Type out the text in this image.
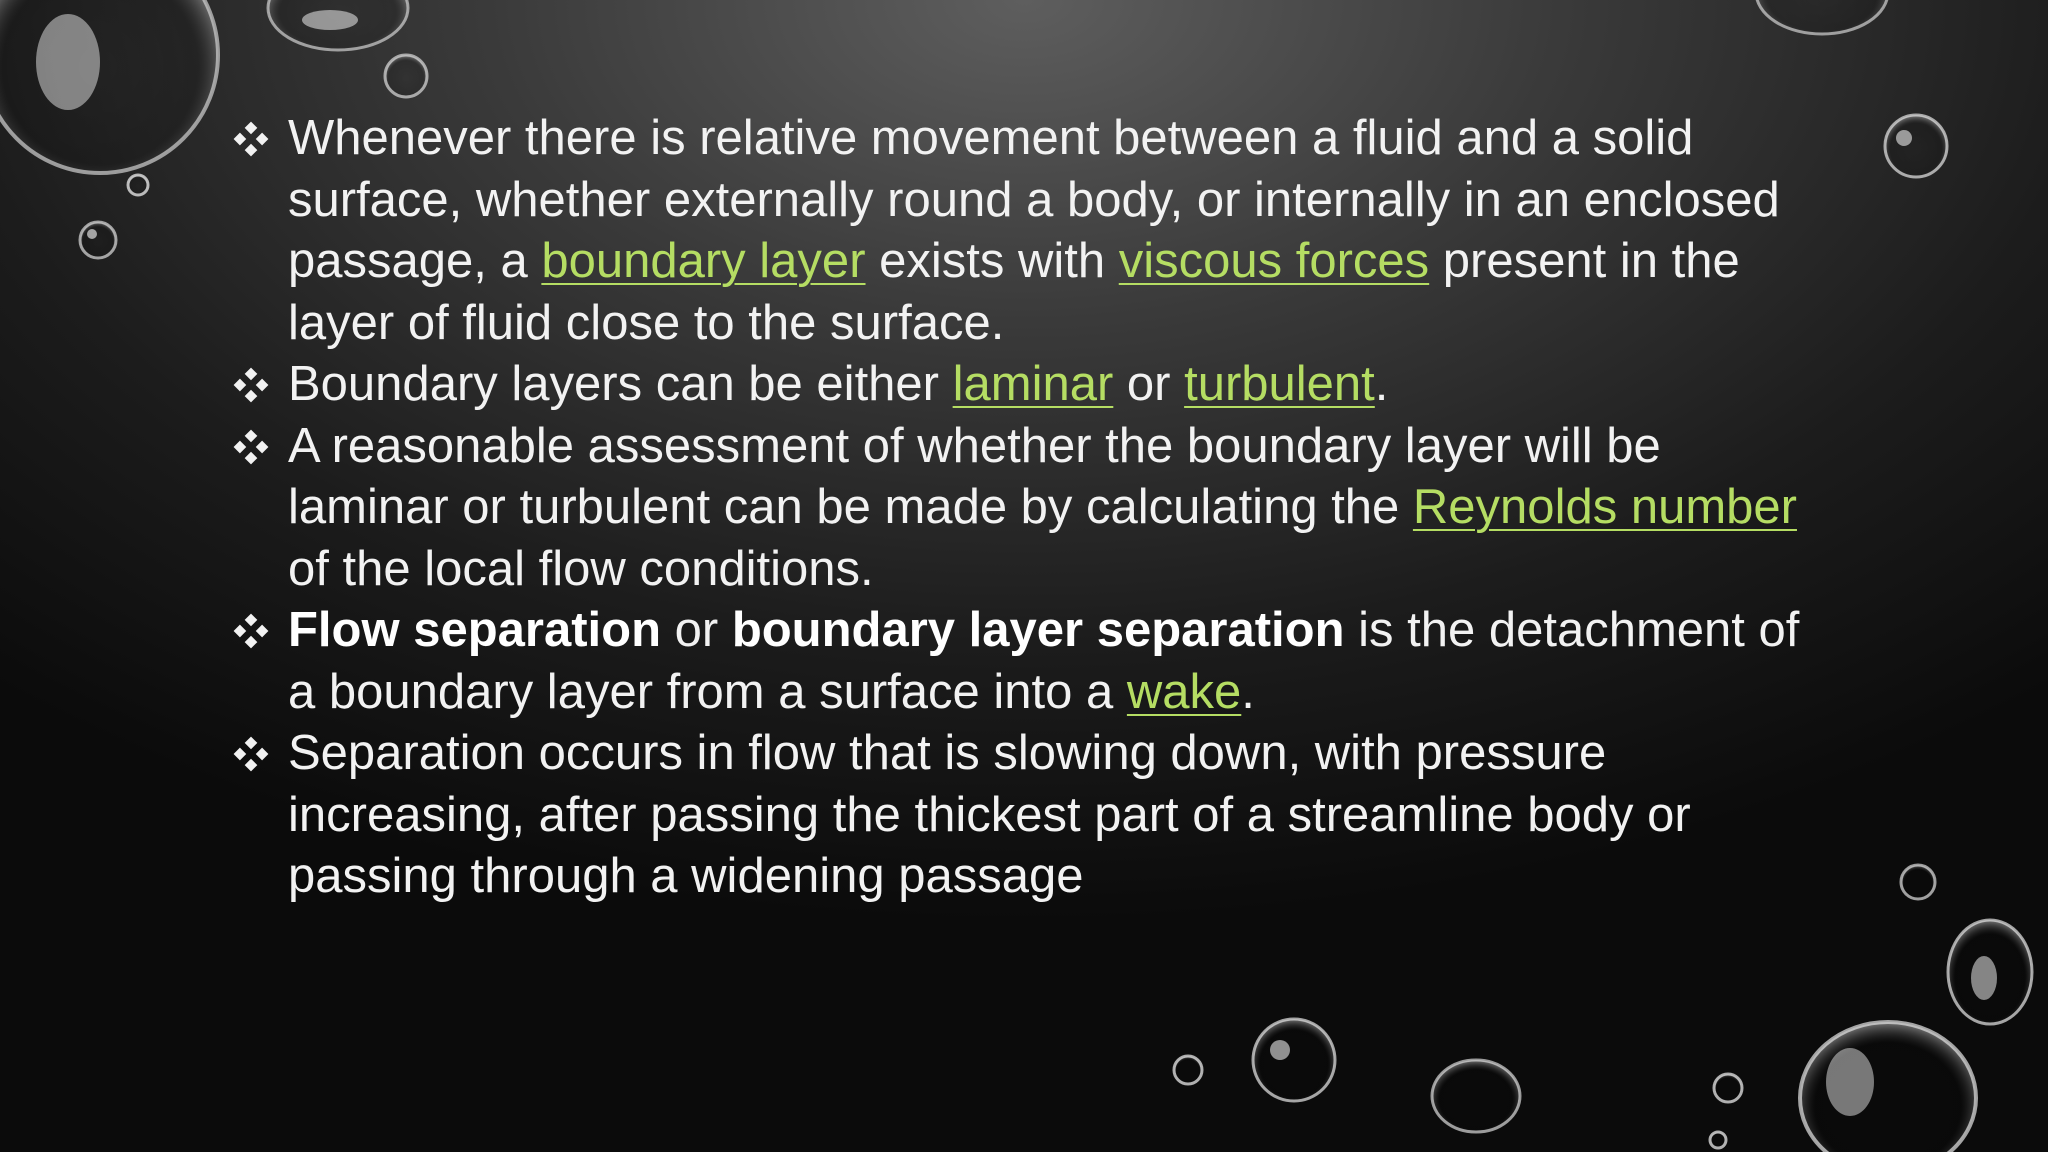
Whenever there is relative movement between a fluid and a solid surface, whether externally round a body, or internally in an enclosed passage, a boundary layer exists with viscous forces present in the layer of fluid close to the surface.
Boundary layers can be either laminar or turbulent.
A reasonable assessment of whether the boundary layer will be laminar or turbulent can be made by calculating the Reynolds number of the local flow conditions.
Flow separation or boundary layer separation is the detachment of a boundary layer from a surface into a wake.
Separation occurs in flow that is slowing down, with pressure increasing, after passing the thickest part of a streamline body or passing through a widening passage
